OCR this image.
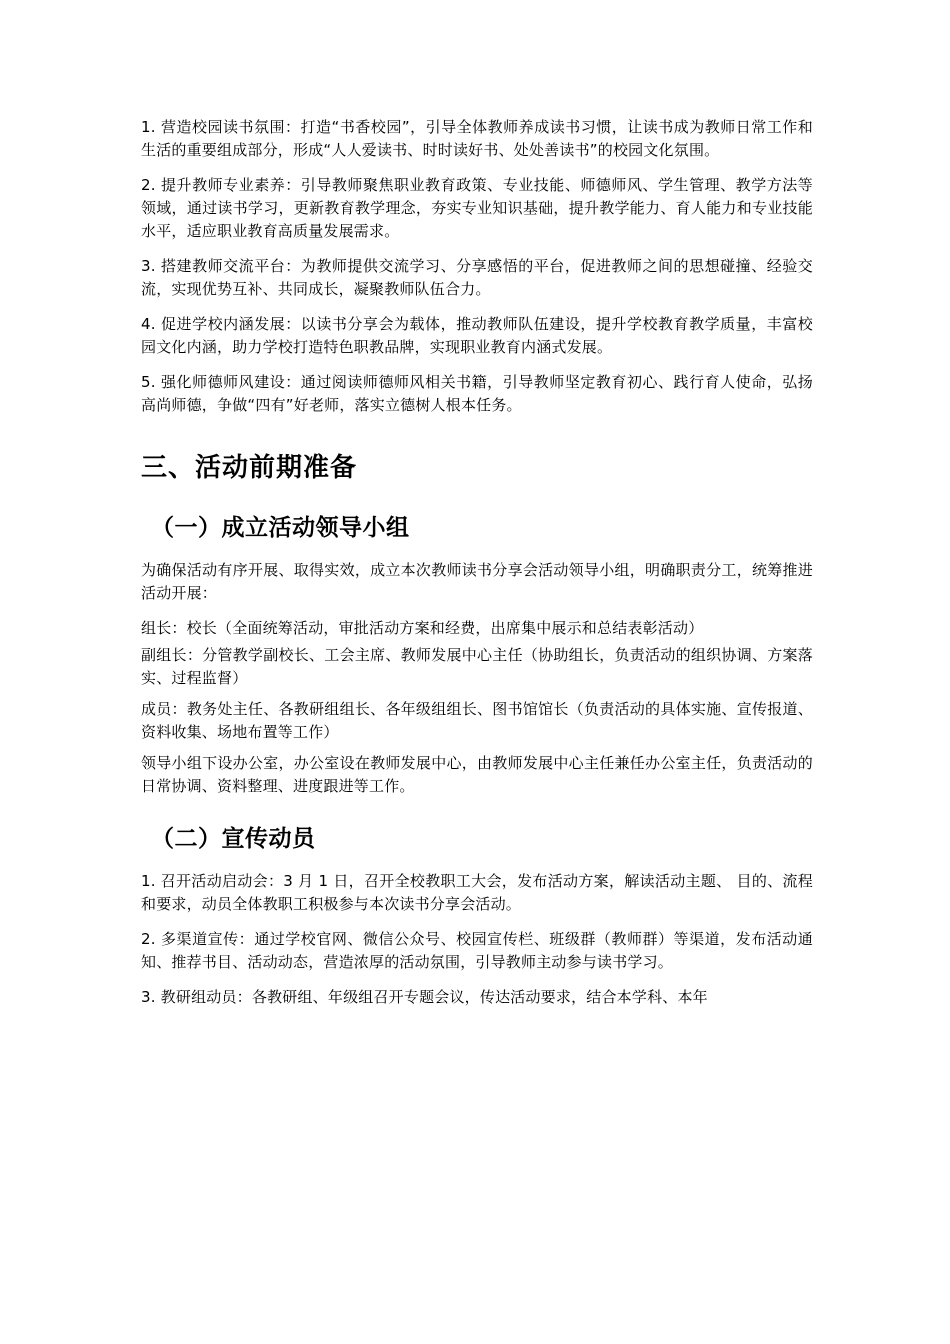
1. 营造校园读书氛围：打造“书香校园”，引导全体教师养成读书习惯，让读书成为教师日常工作和生活的重要组成部分，形成“人人爱读书、时时读好书、处处善读书”的校园文化氛围。

2. 提升教师专业素养：引导教师聚焦职业教育政策、专业技能、师德师风、学生管理、教学方法等领域，通过读书学习，更新教育教学理念，夯实专业知识基础，提升教学能力、育人能力和专业技能水平，适应职业教育高质量发展需求。

3. 搭建教师交流平台：为教师提供交流学习、分享感悟的平台，促进教师之间的思想碰撞、经验交流，实现优势互补、共同成长，凝聚教师队伍合力。

4. 促进学校内涵发展：以读书分享会为载体，推动教师队伍建设，提升学校教育教学质量，丰富校园文化内涵，助力学校打造特色职教品牌，实现职业教育内涵式发展。

5. 强化师德师风建设：通过阅读师德师风相关书籍，引导教师坚定教育初心、践行育人使命，弘扬高尚师德，争做“四有”好老师，落实立德树人根本任务。

三、活动前期准备
（一）成立活动领导小组

为确保活动有序开展、取得实效，成立本次教师读书分享会活动领导小组，明确职责分工，统筹推进活动开展：

组长：校长（全面统筹活动，审批活动方案和经费，出席集中展示和总结表彰活动）

副组长：分管教学副校长、工会主席、教师发展中心主任（协助组长，负责活动的组织协调、方案落实、过程监督）

成员：教务处主任、各教研组组长、各年级组组长、图书馆馆长（负责活动的具体实施、宣传报道、资料收集、场地布置等工作）

领导小组下设办公室，办公室设在教师发展中心，由教师发展中心主任兼任办公室主任，负责活动的日常协调、资料整理、进度跟进等工作。

（二）宣传动员

1. 召开活动启动会：3 月 1 日，召开全校教职工大会，发布活动方案，解读活动主题、 目的、流程和要求，动员全体教职工积极参与本次读书分享会活动。

2. 多渠道宣传：通过学校官网、微信公众号、校园宣传栏、班级群（教师群）等渠道，发布活动通知、推荐书目、活动动态，营造浓厚的活动氛围，引导教师主动参与读书学习。

3. 教研组动员：各教研组、年级组召开专题会议，传达活动要求，结合本学科、本年
